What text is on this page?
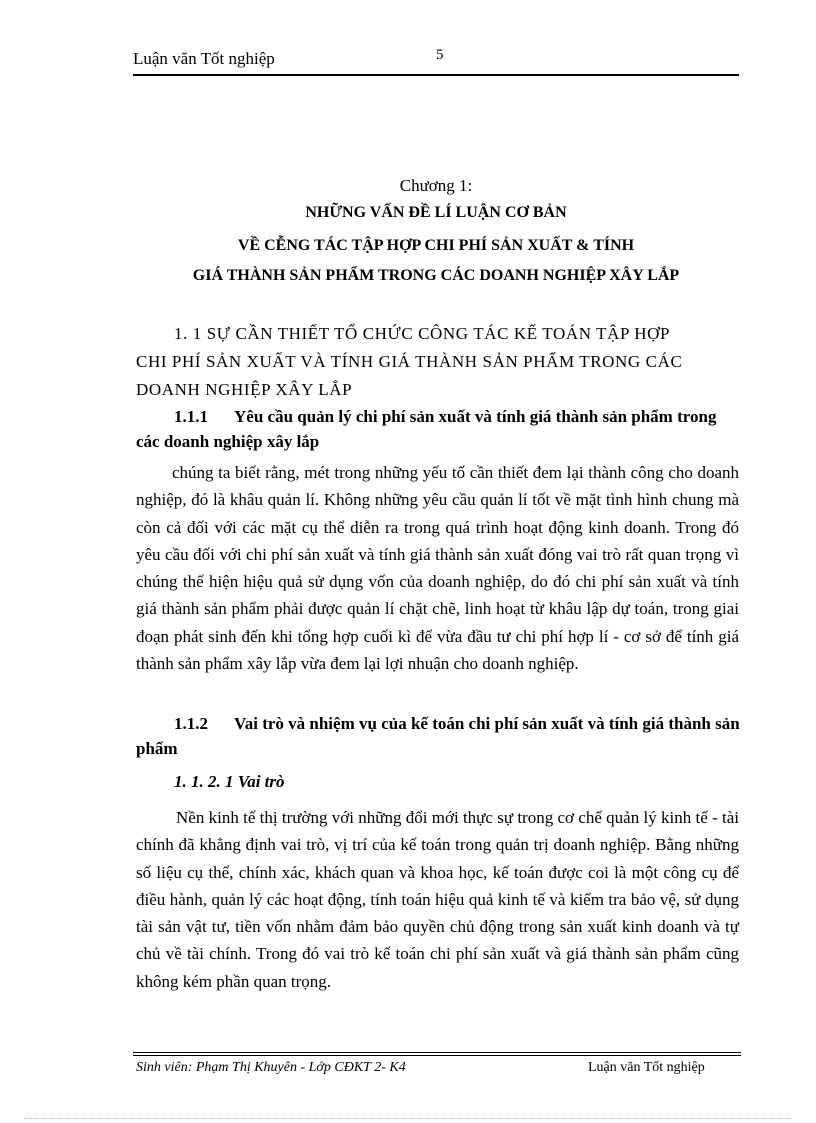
Luận văn Tốt nghiệp	5
Chương 1:
NHỮNG VẤN ĐỀ LÍ LUẬN CƠ BẢN
VỀ CỄNG TÁC TẬP HỢP CHI PHÍ SẢN XUẤT & TÍNH
GIÁ THÀNH SẢN PHẨM TRONG CÁC DOANH NGHIỆP XÂY LẮP
1. 1 SỰ CẦN THIẾT TỔ CHỨC CÔNG TÁC KẾ TOÁN TẬP HỢP
CHI PHÍ SẢN XUẤT VÀ TÍNH GIÁ THÀNH SẢN PHẨM TRONG CÁC
DOANH NGHIỆP XÂY LẮP
1.1.1 Yêu cầu quản lý chi phí sản xuất và tính giá thành sản phẩm trong các doanh nghiệp xây lắp
chúng ta biết rằng, mét trong những yếu tố cần thiết đem lại thành công cho doanh nghiệp, đó là khâu quản lí. Không những yêu cầu quản lí tốt về mặt tình hình chung mà còn cả đối với các mặt cụ thể diễn ra trong quá trình hoạt động kinh doanh. Trong đó yêu cầu đối với chi phí sản xuất và tính giá thành sản xuất đóng vai trò rất quan trọng vì chúng thể hiện hiệu quả sử dụng vốn của doanh nghiệp, do đó chi phí sản xuất và tính giá thành sản phẩm phải được quản lí chặt chẽ, linh hoạt từ khâu lập dự toán, trong giai đoạn phát sinh đến khi tổng hợp cuối kì để vừa đầu tư chi phí hợp lí - cơ sở để tính giá thành sản phẩm xây lắp vừa đem lại lợi nhuận cho doanh nghiệp.
1.1.2 Vai trò và nhiệm vụ của kế toán chi phí sản xuất và tính giá thành sản phẩm
1. 1. 2. 1 Vai trò
Nền kinh tế thị trường với những đổi mới thực sự trong cơ chế quản lý kinh tế - tài chính đã khẳng định vai trò, vị trí của kế toán trong quản trị doanh nghiệp. Bằng những số liệu cụ thể, chính xác, khách quan và khoa học, kế toán được coi là một công cụ để điều hành, quản lý các hoạt động, tính toán hiệu quả kinh tế và kiểm tra bảo vệ, sử dụng tài sản vật tư, tiền vốn nhằm đảm bảo quyền chủ động trong sản xuất kinh doanh và tự chủ về tài chính. Trong đó vai trò kế toán chi phí sản xuất và giá thành sản phẩm cũng không kém phần quan trọng.
Sinh viên: Phạm Thị Khuyên - Lớp CĐKT 2- K4	Luận văn Tốt nghiệp
